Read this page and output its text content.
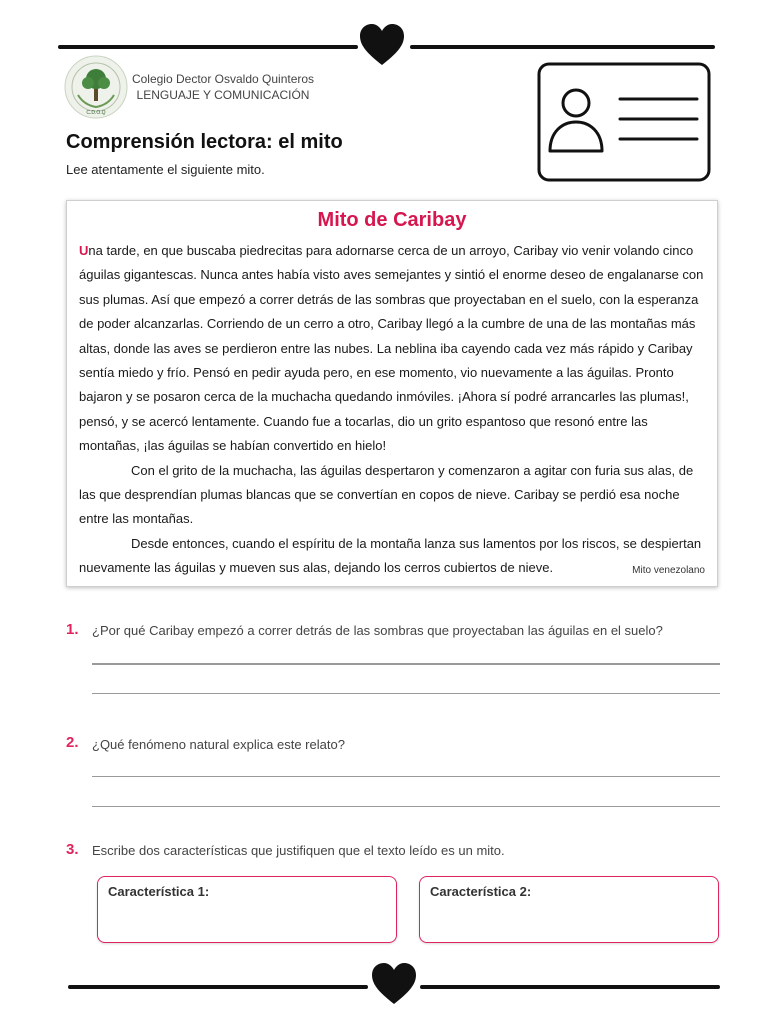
C.D.O.Q
Colegio Dector Osvaldo Quinteros
LENGUAJE Y COMUNICACIÓN
Comprensión lectora: el mito
Lee atentamente el siguiente mito.
Mito de Caribay

Una tarde, en que buscaba piedrecitas para adornarse cerca de un arroyo, Caribay vio venir volando cinco águilas gigantescas. Nunca antes había visto aves semejantes y sintió el enorme deseo de engalanarse con sus plumas. Así que empezó a correr detrás de las sombras que proyectaban en el suelo, con la esperanza de poder alcanzarlas. Corriendo de un cerro a otro, Caribay llegó a la cumbre de una de las montañas más altas, donde las aves se perdieron entre las nubes. La neblina iba cayendo cada vez más rápido y Caribay sentía miedo y frío. Pensó en pedir ayuda pero, en ese momento, vio nuevamente a las águilas. Pronto bajaron y se posaron cerca de la muchacha quedando inmóviles. ¡Ahora sí podré arrancarles las plumas!, pensó, y se acercó lentamente. Cuando fue a tocarlas, dio un grito espantoso que resonó entre las montañas, ¡las águilas se habían convertido en hielo!

Con el grito de la muchacha, las águilas despertaron y comenzaron a agitar con furia sus alas, de las que desprendían plumas blancas que se convertían en copos de nieve. Caribay se perdió esa noche entre las montañas.

Desde entonces, cuando el espíritu de la montaña lanza sus lamentos por los riscos, se despiertan nuevamente las águilas y mueven sus alas, dejando los cerros cubiertos de nieve.	Mito venezolano
1. ¿Por qué Caribay empezó a correr detrás de las sombras que proyectaban las águilas en el suelo?
2. ¿Qué fenómeno natural explica este relato?
3. Escribe dos características que justifiquen que el texto leído es un mito.
Característica 1:	Característica 2:
